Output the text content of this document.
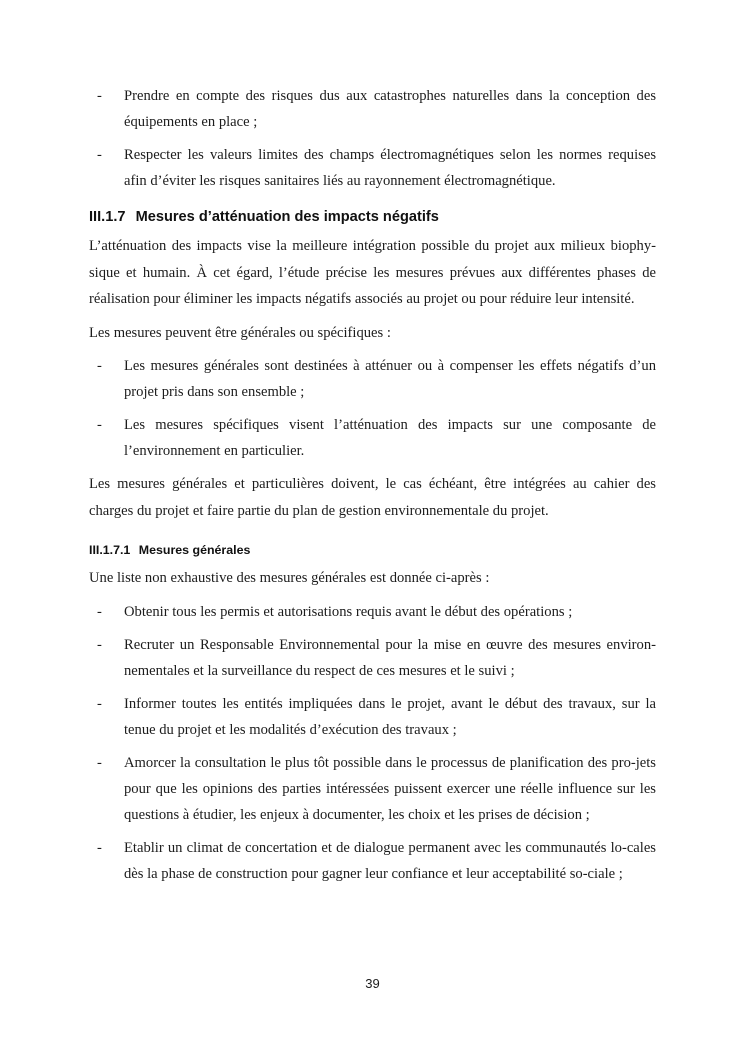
- Prendre en compte des risques dus aux catastrophes naturelles dans la conception des équipements en place ;
- Respecter les valeurs limites des champs électromagnétiques selon les normes requises afin d’éviter les risques sanitaires liés au rayonnement électromagnétique.
III.1.7 Mesures d’atténuation des impacts négatifs

L’atténuation des impacts vise la meilleure intégration possible du projet aux milieux biophy-sique et humain. À cet égard, l’étude précise les mesures prévues aux différentes phases de réalisation pour éliminer les impacts négatifs associés au projet ou pour réduire leur intensité.

Les mesures peuvent être générales ou spécifiques :

- Les mesures générales sont destinées à atténuer ou à compenser les effets négatifs d’un projet pris dans son ensemble ;
- Les mesures spécifiques visent l’atténuation des impacts sur une composante de l’environnement en particulier.

Les mesures générales et particulières doivent, le cas échéant, être intégrées au cahier des charges du projet et faire partie du plan de gestion environnementale du projet.

III.1.7.1 Mesures générales

Une liste non exhaustive des mesures générales est donnée ci-après :

- Obtenir tous les permis et autorisations requis avant le début des opérations ;
- Recruter un Responsable Environnemental pour la mise en œuvre des mesures environ-nementales et la surveillance du respect de ces mesures et le suivi ;
- Informer toutes les entités impliquées dans le projet, avant le début des travaux, sur la tenue du projet et les modalités d’exécution des travaux ;
- Amorcer la consultation le plus tôt possible dans le processus de planification des pro-jets pour que les opinions des parties intéressées puissent exercer une réelle influence sur les questions à étudier, les enjeux à documenter, les choix et les prises de décision ;
- Etablir un climat de concertation et de dialogue permanent avec les communautés lo-cales dès la phase de construction pour gagner leur confiance et leur acceptabilité so-ciale ;
39
